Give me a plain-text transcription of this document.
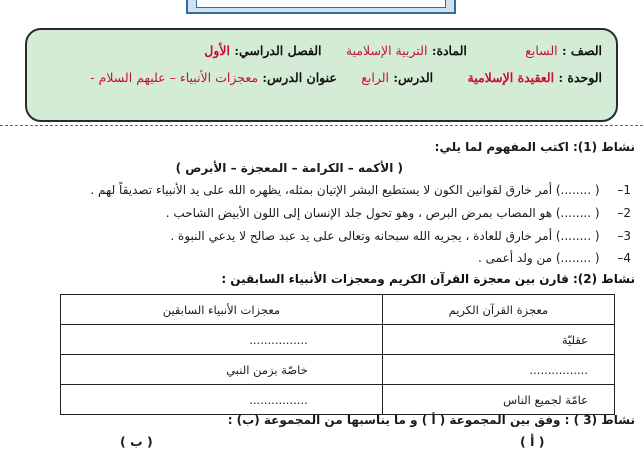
الصف : السابع المادة: التربية الإسلامية الفصل الدراسي: الأول
الوحدة : العقيدة الإسلامية الدرس: الرابع عنوان الدرس: معجزات الأنبياء – عليهم السلام -
نشاط (1): اكتب المفهوم لما يلي:
( الأكمه – الكرامة – المعجزة – الأبرص )
1–   ( ........) أمر خارق لقوانين الكون لا يستطيع البشر الإتيان بمثله، يظهره الله على يد الأنبياء تصديقاً لهم .
2–   ( ........) هو المصاب بمرض البرص ، وهو تحول جلد الإنسان إلى اللون الأبيض الشاحب .
3–   ( ........) أمر خارق للعادة ، يجريه الله سبحانه وتعالى على يد عبد صالح لا يدعي النبوة .
4–   ( ........) من ولد أعمى .
نشاط (2): قارن بين معجزة القرآن الكريم ومعجزات الأنبياء السابقين :
معجزة القرآن الكريم	معجزات الأنبياء السابقين
عقليّة	................
................	خاصّة بزمن النبي
عامّة لجميع الناس	................
نشاط (3 ) : وفق بين المجموعة ( أ ) و ما يناسبها من المجموعة (ب) :
( أ )
( ب )
